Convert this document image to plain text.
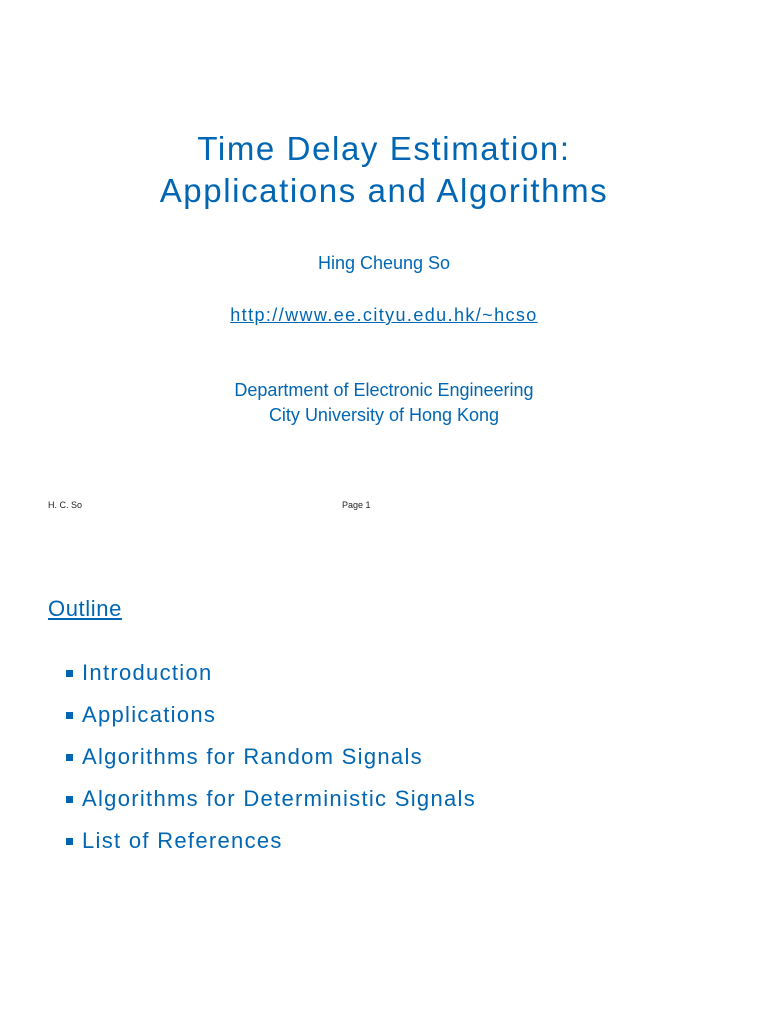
Time Delay Estimation:
Applications and Algorithms
Hing Cheung So
http://www.ee.cityu.edu.hk/~hcso
Department of Electronic Engineering
City University of Hong Kong
H. C. So	Page 1
Outline
Introduction
Applications
Algorithms for Random Signals
Algorithms for Deterministic Signals
List of References
